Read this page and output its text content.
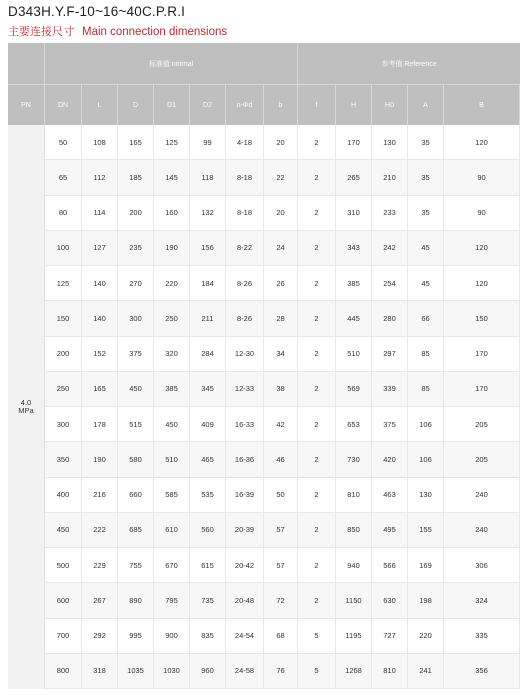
D343H.Y.F-10~16~40C.P.R.I
主要连接尺寸 Main connection dimensions
标准值 normal	参考值 Reference
PN	DN	L	D	D1	D2	n-Φd	b	f	H	H0	A	B
4.0
MPa
50	108	165	125	99	4-18	20	2	170	130	35	120
65	112	185	145	118	8-18	22	2	265	210	35	90
80	114	200	160	132	8-18	20	2	310	233	35	90
100	127	235	190	156	8-22	24	2	343	242	45	120
125	140	270	220	184	8-26	26	2	385	254	45	120
150	140	300	250	211	8-26	28	2	445	280	66	150
200	152	375	320	284	12-30	34	2	510	297	85	170
250	165	450	385	345	12-33	38	2	569	339	85	170
300	178	515	450	409	16-33	42	2	653	375	106	205
350	190	580	510	465	16-36	46	2	730	420	106	205
400	216	660	585	535	16-39	50	2	810	463	130	240
450	222	685	610	560	20-39	57	2	850	495	155	240
500	229	755	670	615	20-42	57	2	940	566	169	306
600	267	890	795	735	20-48	72	2	1150	630	198	324
700	292	995	900	835	24-54	68	5	1195	727	220	335
800	318	1035	1030	960	24-58	76	5	1268	810	241	356
